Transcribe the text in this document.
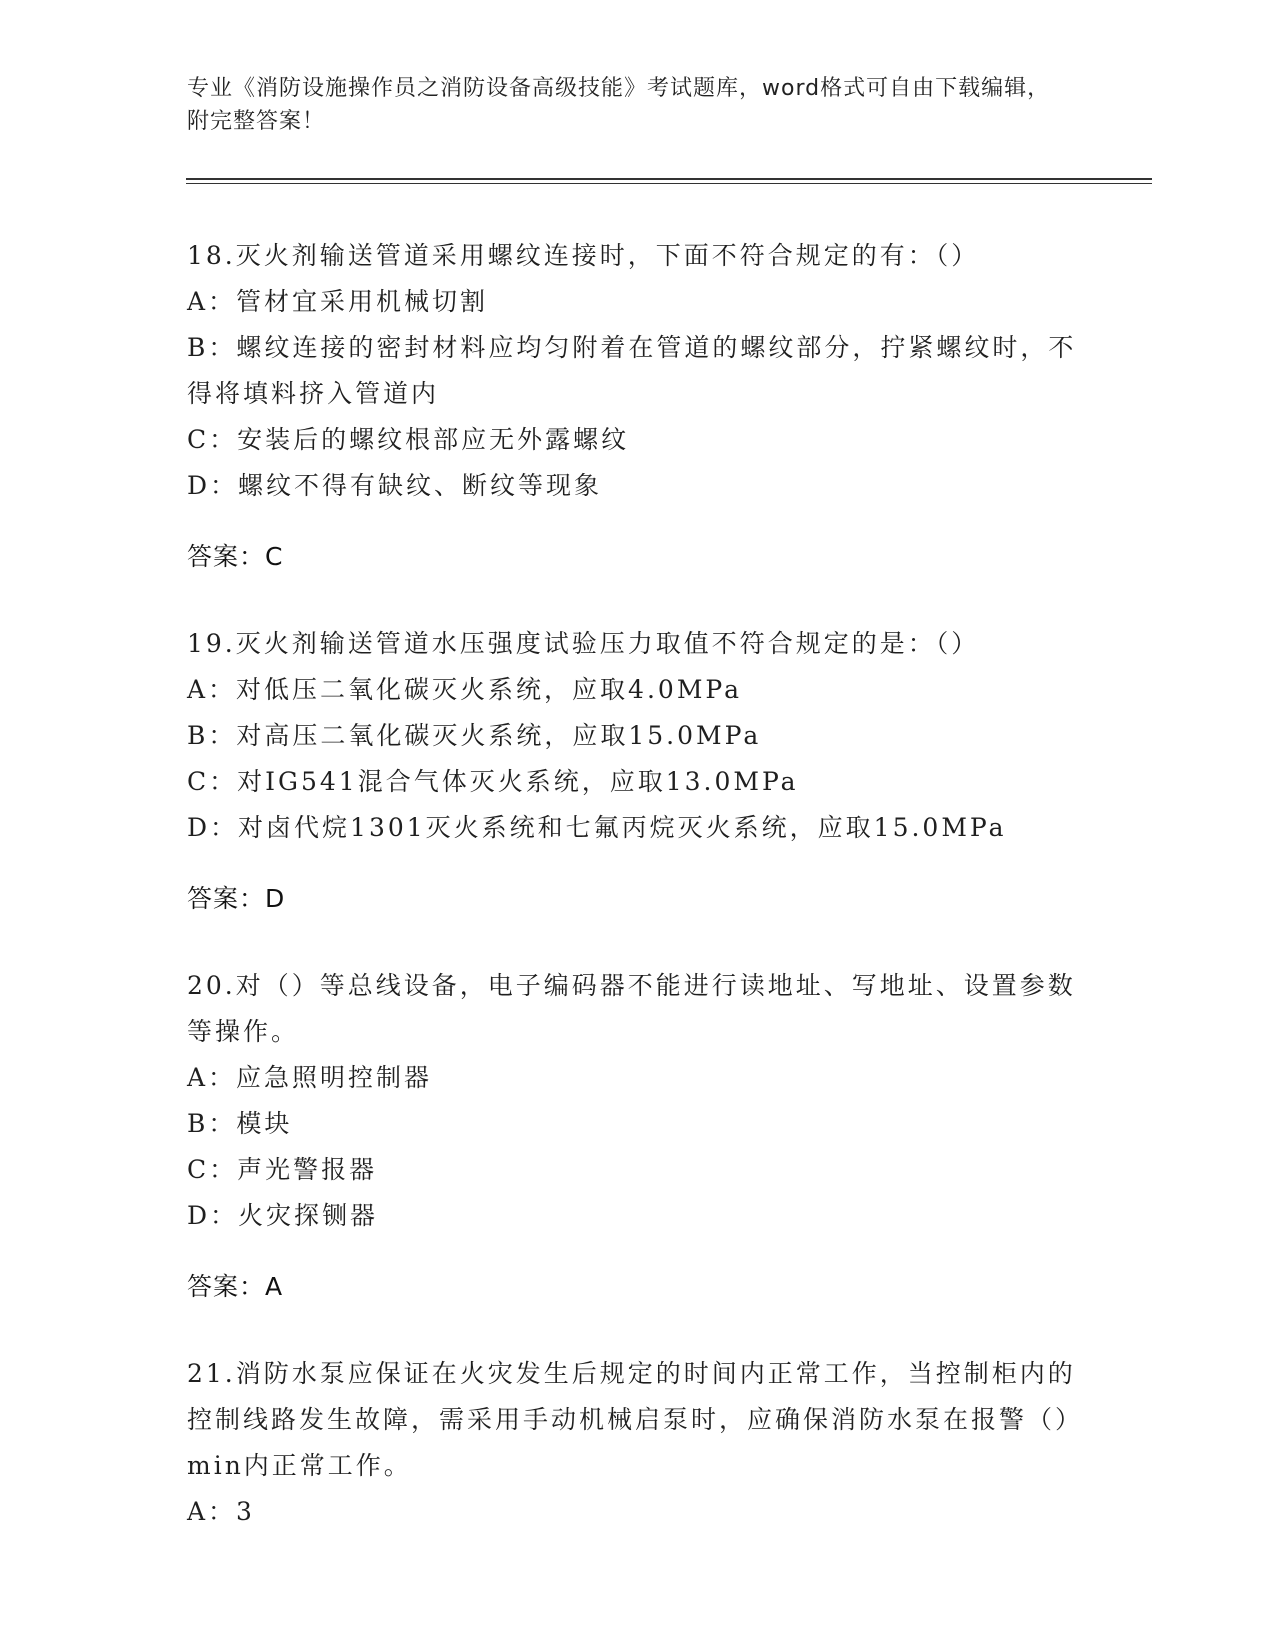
专业《消防设施操作员之消防设备高级技能》考试题库，word格式可自由下载编辑，附完整答案！

18.灭火剂输送管道采用螺纹连接时，下面不符合规定的有：（）

A：管材宜采用机械切割

B：螺纹连接的密封材料应均匀附着在管道的螺纹部分，拧紧螺纹时，不得将填料挤入管道内

C：安装后的螺纹根部应无外露螺纹

D：螺纹不得有缺纹、断纹等现象

答案：C

19.灭火剂输送管道水压强度试验压力取值不符合规定的是：（）

A：对低压二氧化碳灭火系统，应取4.0MPa

B：对高压二氧化碳灭火系统，应取15.0MPa

C：对IG541混合气体灭火系统，应取13.0MPa

D：对卤代烷1301灭火系统和七氟丙烷灭火系统，应取15.0MPa

答案：D

20.对（）等总线设备，电子编码器不能进行读地址、写地址、设置参数等操作。

A：应急照明控制器

B：模块

C：声光警报器

D：火灾探铡器

答案：A

21.消防水泵应保证在火灾发生后规定的时间内正常工作，当控制柜内的控制线路发生故障，需采用手动机械启泵时，应确保消防水泵在报警（）min内正常工作。

A：3
